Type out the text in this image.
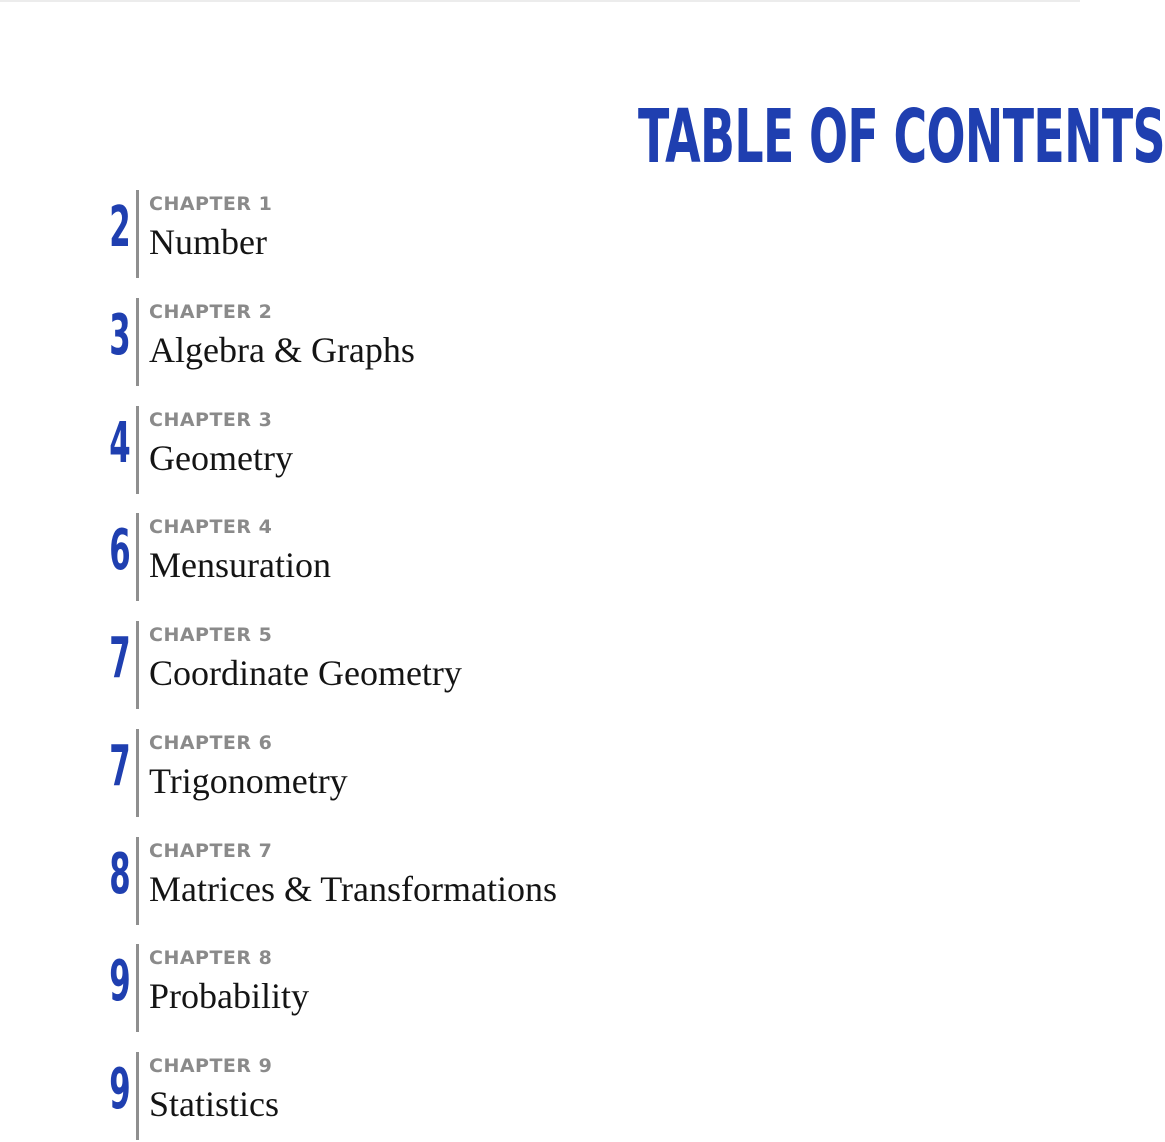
TABLE OF CONTENTS
2 CHAPTER 1
Number
3 CHAPTER 2
Algebra & Graphs
4 CHAPTER 3
Geometry
6 CHAPTER 4
Mensuration
7 CHAPTER 5
Coordinate Geometry
7 CHAPTER 6
Trigonometry
8 CHAPTER 7
Matrices & Transformations
9 CHAPTER 8
Probability
9 CHAPTER 9
Statistics
